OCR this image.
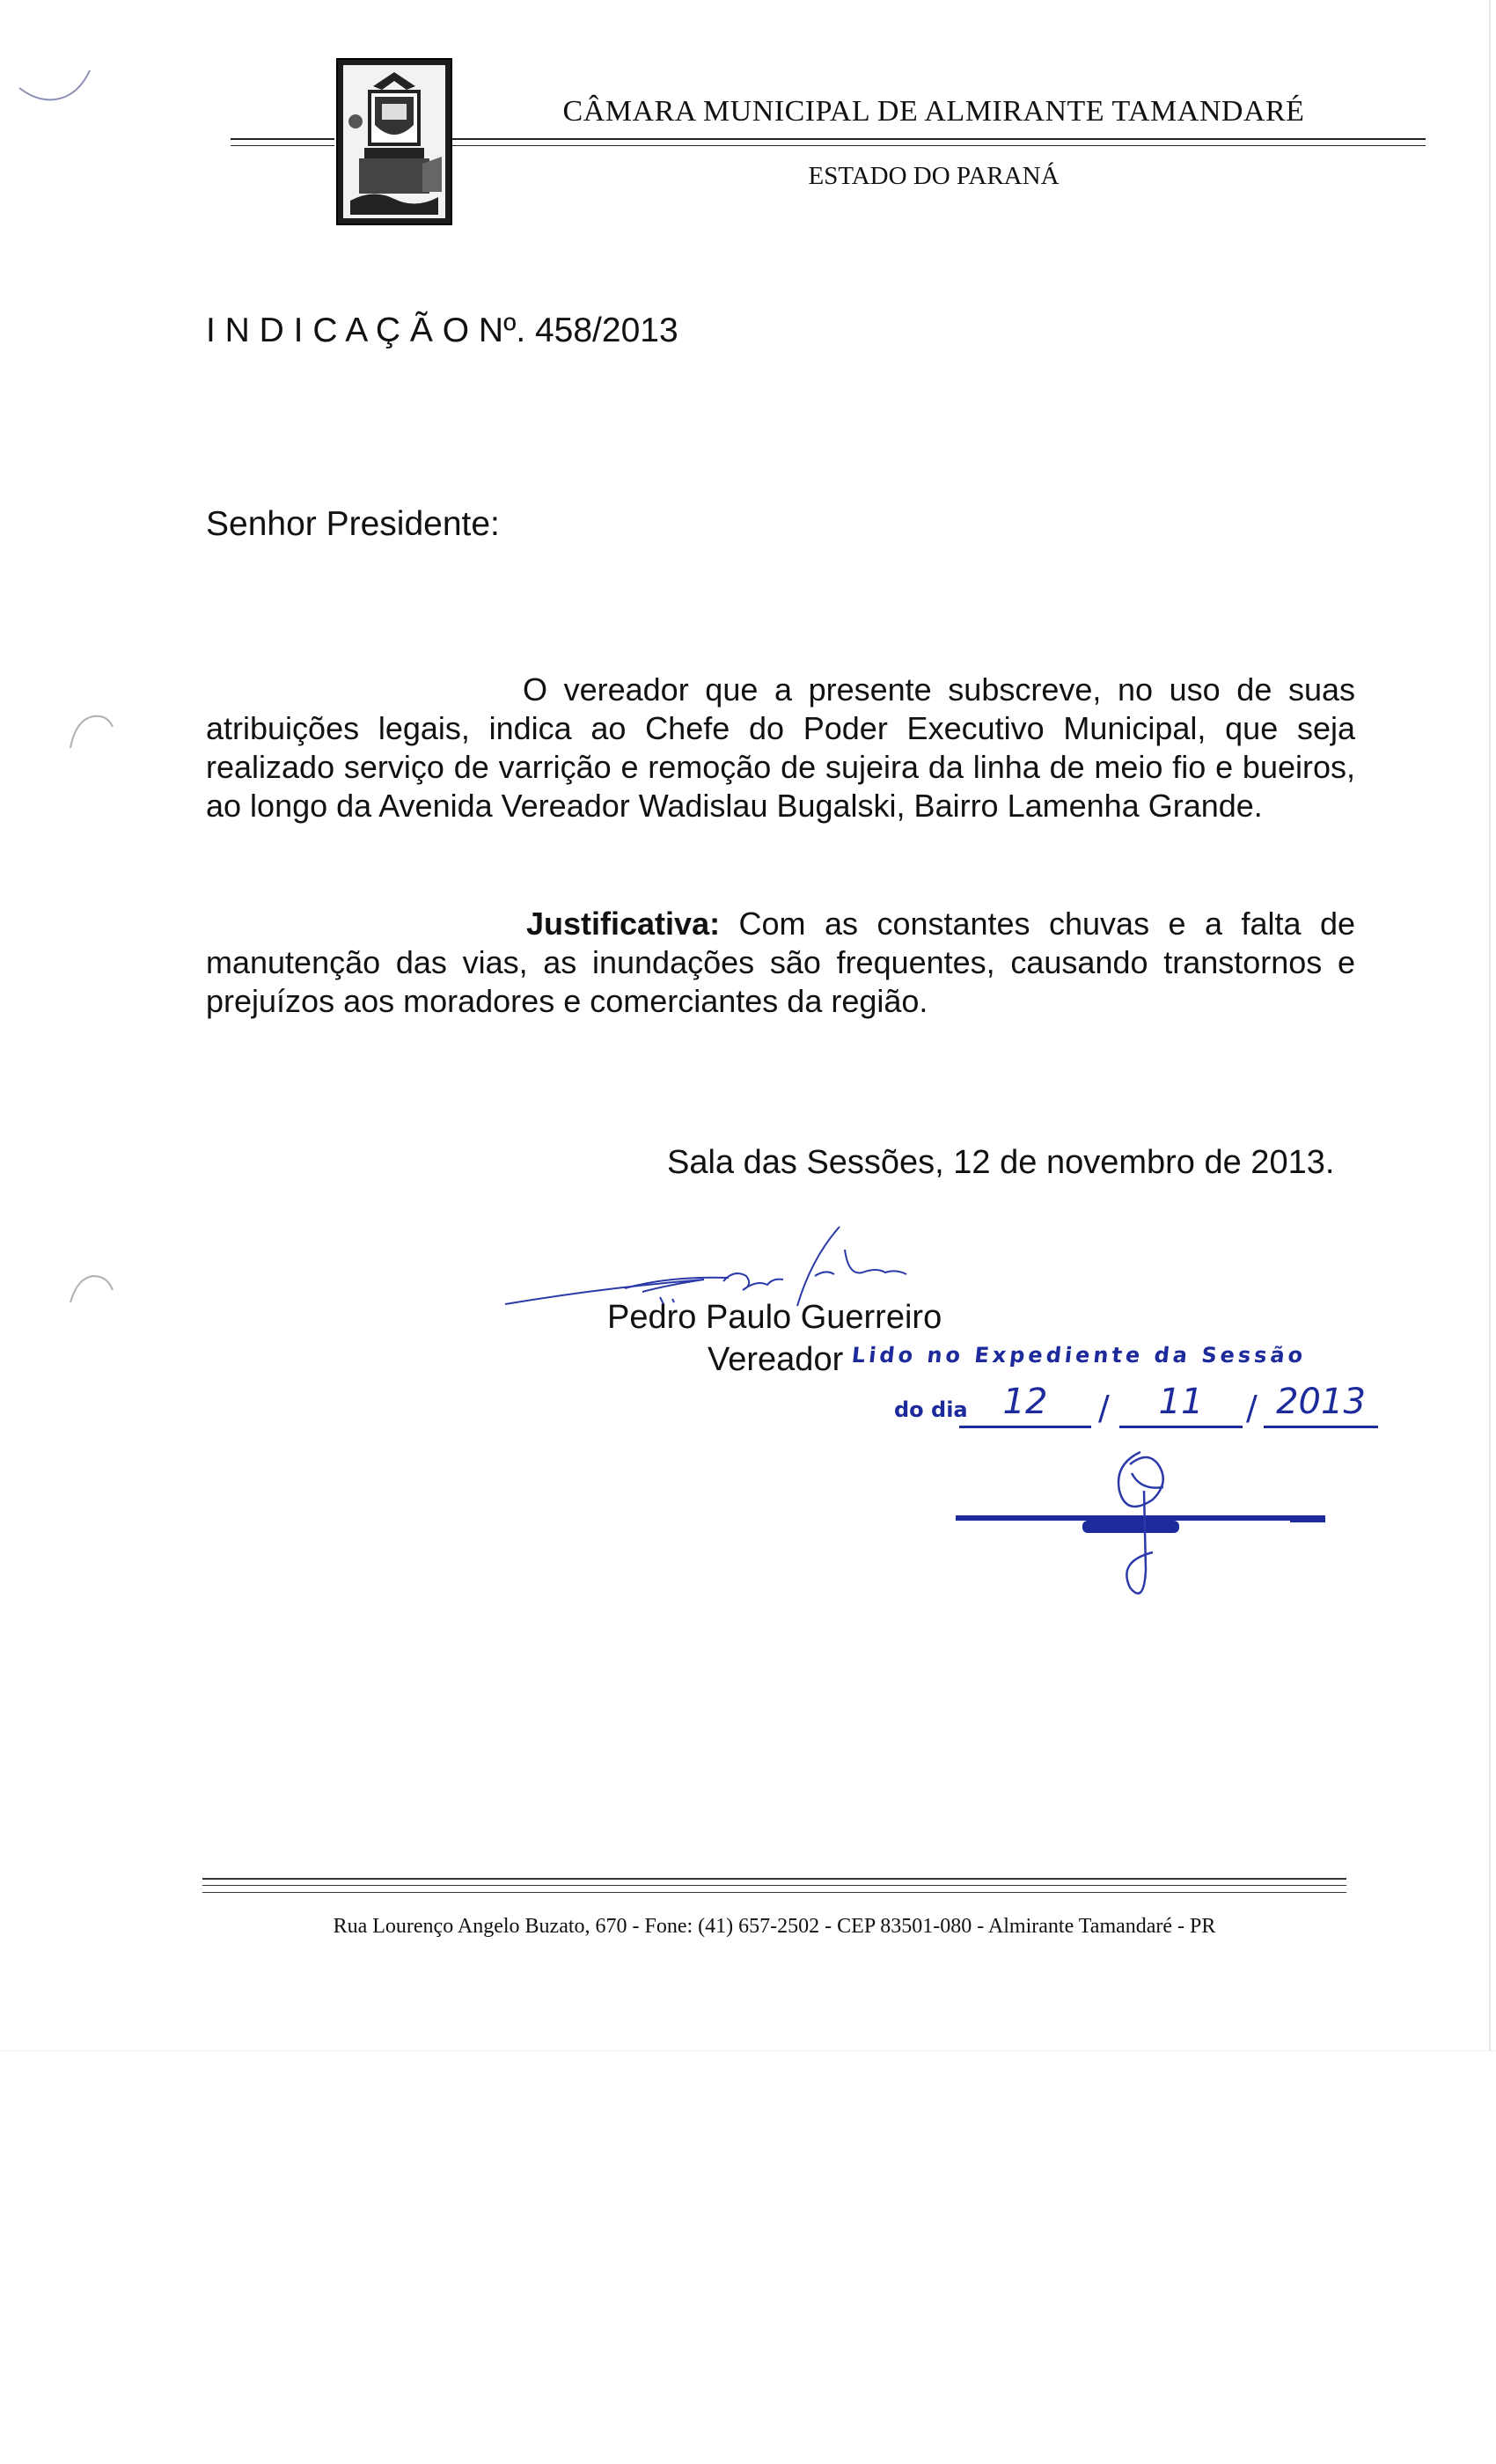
CÂMARA MUNICIPAL DE ALMIRANTE TAMANDARÉ
ESTADO DO PARANÁ
I N D I C A Ç Ã O Nº. 458/2013
Senhor Presidente:
O vereador que a presente subscreve, no uso de suas atribuições legais, indica ao Chefe do Poder Executivo Municipal, que seja realizado serviço de varrição e remoção de sujeira da linha de meio fio e bueiros, ao longo da Avenida Vereador Wadislau Bugalski, Bairro Lamenha Grande.
Justificativa: Com as constantes chuvas e a falta de manutenção das vias, as inundações são frequentes, causando transtornos e prejuízos aos moradores e comerciantes da região.
Sala das Sessões, 12 de novembro de 2013.
Pedro Paulo Guerreiro
Vereador Lido no Expediente da Sessão
do dia 12	/	11	/ 2013
Rua Lourenço Angelo Buzato, 670 - Fone: (41) 657-2502 - CEP 83501-080 - Almirante Tamandaré - PR
